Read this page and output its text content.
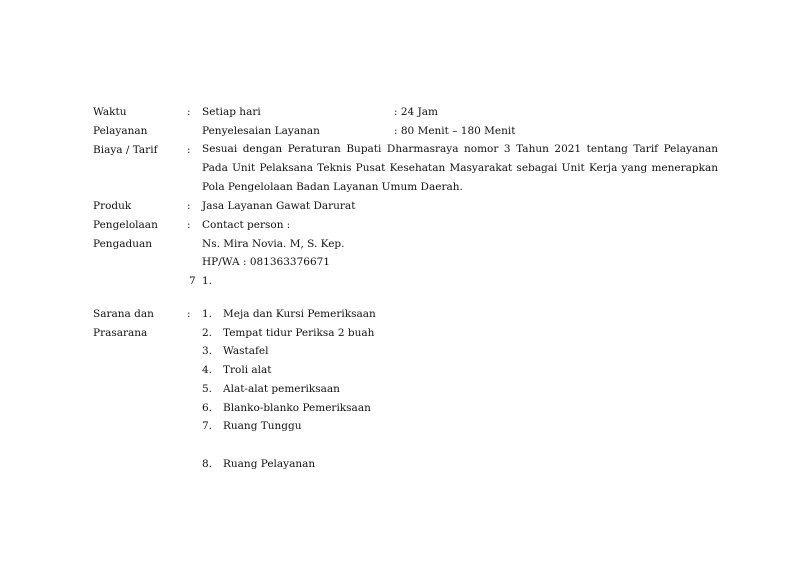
Waktu	: Setiap hari	: 24 Jam
Pelayanan	Penyelesaian Layanan	: 80 Menit – 180 Menit
Biaya / Tarif	: Sesuai dengan Peraturan Bupati Dharmasraya nomor 3 Tahun 2021 tentang Tarif Pelayanan Pada Unit Pelaksana Teknis Pusat Kesehatan Masyarakat sebagai Unit Kerja yang menerapkan Pola Pengelolaan Badan Layanan Umum Daerah.
Produk	: Jasa Layanan Gawat Darurat
Pengelolaan	: Contact person :
Pengaduan	Ns. Mira Novia. M, S. Kep.
HP/WA : 081363376671
7 1.
Sarana dan	:
Prasarana
1. Meja dan Kursi Pemeriksaan
2. Tempat tidur Periksa 2 buah
3. Wastafel
4. Troli alat
5. Alat-alat pemeriksaan
6. Blanko-blanko Pemeriksaan
7. Ruang Tunggu
8. Ruang Pelayanan
